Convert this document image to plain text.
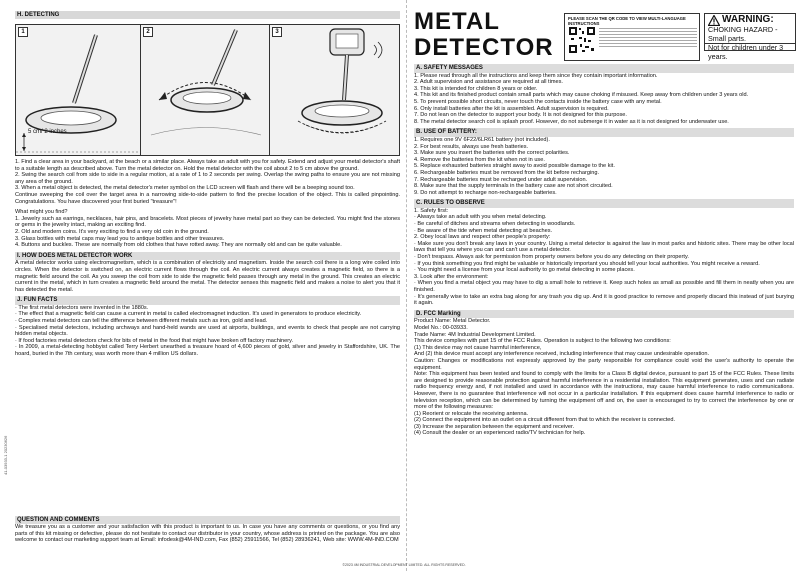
H. DETECTING
1
5 cm/ 2 inches
2	3

1. Find a clear area in your backyard, at the beach or a similar place. Always take an adult with you for safety. Extend and adjust your metal detector's shaft to a suitable length as described above. Turn the metal detector on. Hold the metal detector with the coil about 2 to 5 cm above the ground.

2. Swing the search coil from side to side in a regular motion, at a rate of 1 to 2 seconds per swing. Overlap the swing paths to ensure you are not missing any area of the ground.

3. When a metal object is detected, the metal detector's meter symbol on the LCD screen will flash and there will be a beeping sound too.

Continue sweeping the coil over the target area in a narrowing side-to-side pattern to find the precise location of the object. This is called pinpointing. Congratulations. You have discovered your first buried "treasure"!

What might you find?

1. Jewelry such as earrings, necklaces, hair pins, and bracelets. Most pieces of jewelry have metal part so they can be detected. You might find the stones or gems in the jewelry intact, making an exciting find.

2. Old and modern coins. It's very exciting to find a very old coin in the ground.

3. Glass bottles with metal caps may lead you to antique bottles and other treasures.

4. Buttons and buckles. These are normally from old clothes that have rotted away. They are normally old and can be quite valuable.

I. HOW DOES METAL DETECTOR WORK

A metal detector works using electromagnetism, which is a combination of electricity and magnetism. Inside the search coil there is a long wire coiled into circles. When the detector is switched on, an electric current flows through the coil. An electric current always creates a magnetic field, so there is a magnetic field around the coil. As you sweep the coil from side to side the magnetic field passes through any metal in the ground. This creates an electric current in the metal, which in turn creates a magnetic field around the metal. The detector senses this magnetic field and makes a noise to alert you that it has detected the metal.

J. FUN FACTS

· The first metal detectors were invented in the 1880s.

· The effect that a magnetic field can cause a current in metal is called electromagnet induction. It's used in generators to produce electricity.

· Complex metal detectors can tell the difference between different metals such as iron, gold and lead.

· Specialised metal detectors, including archways and hand-held wands are used at airports, buildings, and events to check that people are not carrying hidden metal objects.

· If food factories metal detectors check for bits of metal in the food that might have broken off factory machinery.

· In 2009, a metal-detecting hobbyist called Terry Herbert unearthed a treasure hoard of 4,600 pieces of gold, silver and jewelry in Staffordshire, UK. The hoard, buried in the 7th century, was worth more than 4 million US dollars.

QUESTION AND COMMENTS
We treasure you as a customer and your satisfaction with this product is important to us. In case you have any comments or questions, or you find any parts of this kit missing or defective, please do not hesitate to contact our distributor in your country, whose address is printed on the package. You are also welcome to contact our marketing support team at Email: infodesk@4M-IND.com, Fax (852) 25911566, Tel (852) 28936241, Web site: WWW.4M-IND.COM
41-03933-1 20230626
METAL
DETECTOR
PLEASE SCAN THE QR CODE TO VIEW MULTI-LANGUAGE INSTRUCTIONS	WARNING:
CHOKING HAZARD - Small parts.
Not for children under 3 years.
A. SAFETY MESSAGES

1. Please read through all the instructions and keep them since they contain important information.

2. Adult supervision and assistance are required at all times.

3. This kit is intended for children 8 years or older.

4. This kit and its finished product contain small parts which may cause choking if misused. Keep away from children under 3 years old.

5. To prevent possible short circuits, never touch the contacts inside the battery case with any metal.

6. Only install batteries after the kit is assembled. Adult supervision is required.

7. Do not lean on the detector to support your body. It is not designed for this purpose.

8. The metal detector search coil is splash proof. However, do not submerge it in water as it is not designed for underwater use.

B. USE OF BATTERY:

1. Requires one 9V 6F22/6LR61 battery (not included).

2. For best results, always use fresh batteries.

3. Make sure you insert the batteries with the correct polarities.

4. Remove the batteries from the kit when not in use.

5. Replace exhausted batteries straight away to avoid possible damage to the kit.

6. Rechargeable batteries must be removed from the kit before recharging.

7. Rechargeable batteries must be recharged under adult supervision.

8. Make sure that the supply terminals in the battery case are not short circuited.

9. Do not attempt to recharge non-rechargeable batteries.

C. RULES TO OBSERVE

1. Safety first:

· Always take an adult with you when metal detecting.

· Be careful of ditches and streams when detecting in woodlands.

· Be aware of the tide when metal detecting at beaches.

2. Obey local laws and respect other people's property:

· Make sure you don't break any laws in your country. Using a metal detector is against the law in most parks and historic sites. There may be other local laws that tell you where you can and can't use a metal detector.

· Don't trespass. Always ask for permission from property owners before you do any detecting on their property.

· If you think something you find might be valuable or historically important you should tell your local authorities. You might receive a reward.

· You might need a license from your local authority to go metal detecting in some places.

3. Look after the environment:

· When you find a metal object you may have to dig a small hole to retrieve it. Keep such holes as small as possible and fill them in neatly when you are finished.

· It's generally wise to take an extra bag along for any trash you dig up. And it is good practice to remove and properly discard this instead of just burying it again.

D. FCC Marking

Product Name: Metal Detector.

Model No.: 00-03933.

Trade Name: 4M Industrial Development Limited.

This device complies with part 15 of the FCC Rules. Operation is subject to the following two conditions:

(1) This device may not cause harmful interference,

And (2) this device must accept any interference received, including interference that may cause undesirable operation.

Caution: Changes or modifications not expressly approved by the party responsible for compliance could void the user's authority to operate the equipment.

Note: This equipment has been tested and found to comply with the limits for a Class B digital device, pursuant to part 15 of the FCC Rules. These limits are designed to provide reasonable protection against harmful interference in a residential installation. This equipment generates, uses and can radiate radio frequency energy and, if not installed and used in accordance with the instructions, may cause harmful interference to radio communications. However, there is no guarantee that interference will not occur in a particular installation. If this equipment does cause harmful interference to radio or television reception, which can be determined by turning the equipment off and on, the user is encouraged to try to correct the interference by one or more of the following measures:

(1) Reorient or relocate the receiving antenna.

(2) Connect the equipment into an outlet on a circuit different from that to which the receiver is connected.

(3) Increase the separation between the equipment and receiver.

(4) Consult the dealer or an experienced radio/TV technician for help.

©2023 4M INDUSTRIAL DEVELOPMENT LIMITED. ALL RIGHTS RESERVED.
